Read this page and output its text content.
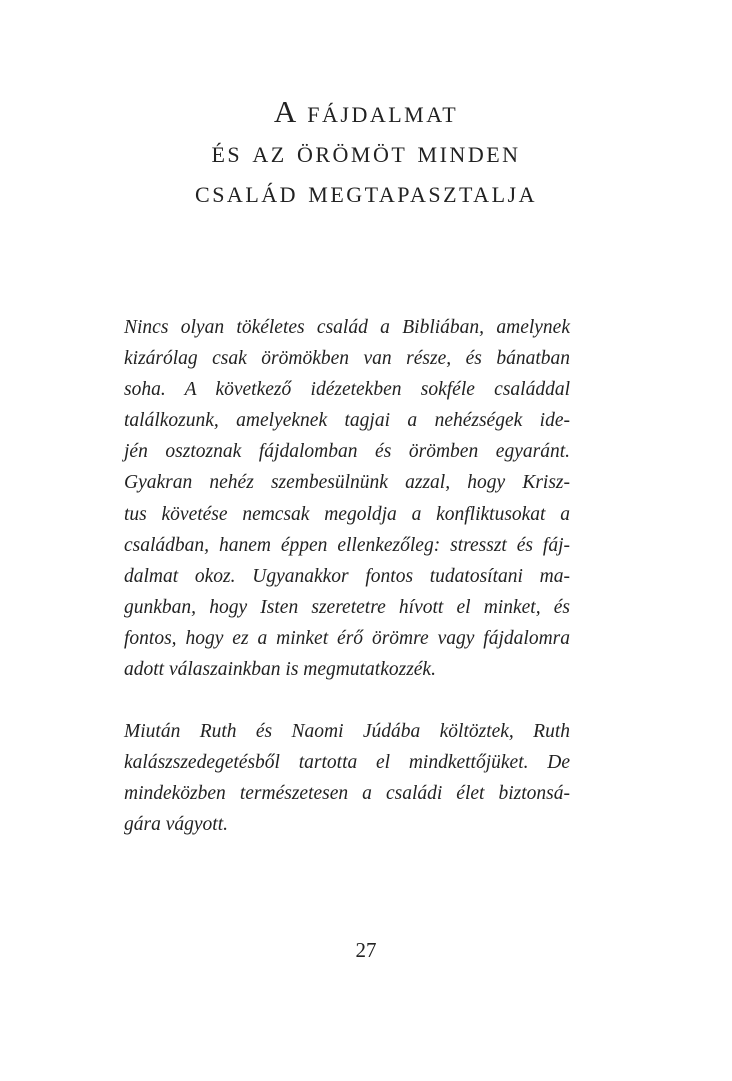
A fájdalmat
és az örömöt minden
család megtapasztalja
Nincs olyan tökéletes család a Bibliában, amelynek
kizárólag csak örömökben van része, és bánatban
soha. A következő idézetekben sokféle családdal
találkozunk, amelyeknek tagjai a nehézségek ide-
jén osztoznak fájdalomban és örömben egyaránt.
Gyakran nehéz szembesülnünk azzal, hogy Krisz-
tus követése nemcsak megoldja a konfliktusokat a
családban, hanem éppen ellenkezőleg: stresszt és fáj-
dalmat okoz. Ugyanakkor fontos tudatosítani ma-
gunkban, hogy Isten szeretetre hívott el minket, és
fontos, hogy ez a minket érő örömre vagy fájdalomra
adott válaszainkban is megmutatkozzék.
Miután Ruth és Naomi Júdába költöztek, Ruth
kalászszedegetésből tartotta el mindkettőjüket. De
mindeközben természetesen a családi élet biztonsá-
gára vágyott.
27
